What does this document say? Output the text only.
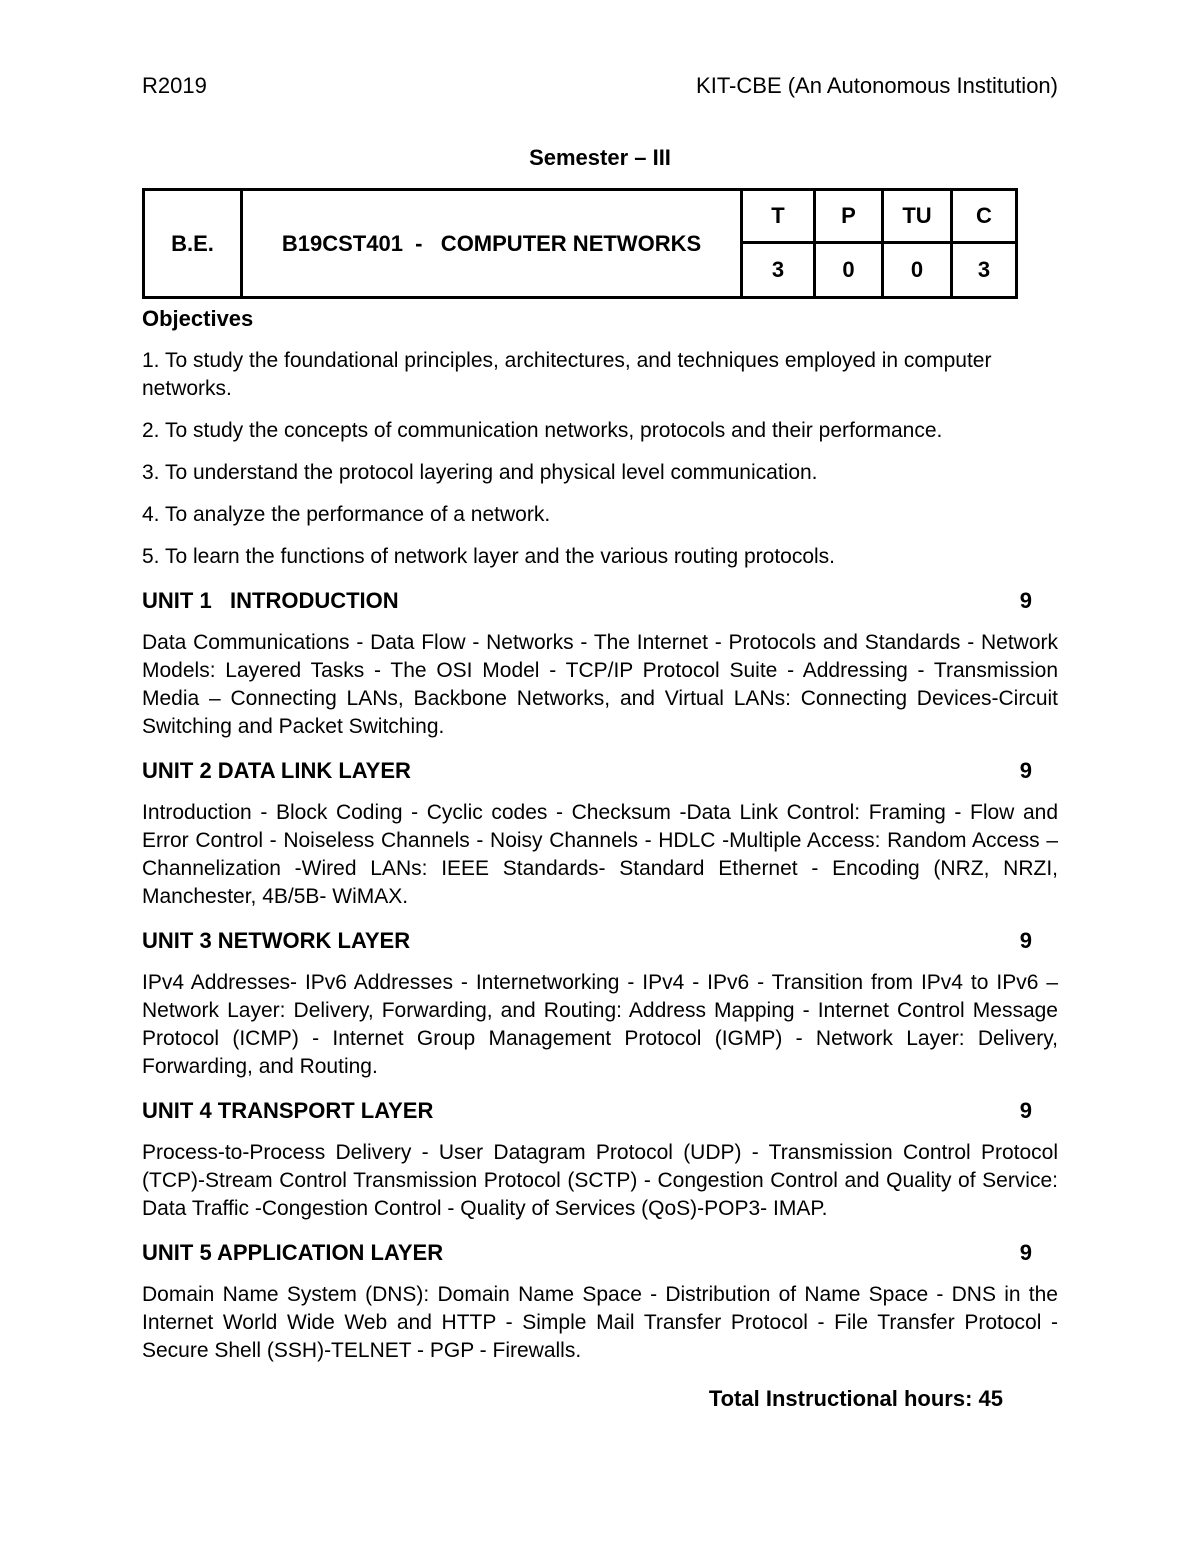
R2019	KIT-CBE (An Autonomous Institution)
Semester – III
B.E.	B19CST401  -   COMPUTER NETWORKS
T	P	TU	C
3	0	0	3
Objectives

1. To study the foundational principles, architectures, and techniques employed in computer networks.

2. To study the concepts of communication networks, protocols and their performance.

3. To understand the protocol layering and physical level communication.

4. To analyze the performance of a network.

5. To learn the functions of network layer and the various routing protocols.

UNIT 1   INTRODUCTION	9

Data Communications - Data Flow - Networks - The Internet - Protocols and Standards - Network Models: Layered Tasks - The OSI Model - TCP/IP Protocol Suite - Addressing - Transmission Media – Connecting LANs, Backbone Networks, and Virtual LANs: Connecting Devices-Circuit Switching and Packet Switching.

UNIT 2 DATA LINK LAYER	9

Introduction - Block Coding - Cyclic codes - Checksum -Data Link Control: Framing - Flow and Error Control - Noiseless Channels - Noisy Channels - HDLC -Multiple Access: Random Access – Channelization -Wired LANs: IEEE Standards- Standard Ethernet - Encoding (NRZ, NRZI, Manchester, 4B/5B- WiMAX.

UNIT 3 NETWORK LAYER	9

IPv4 Addresses- IPv6 Addresses - Internetworking - IPv4 - IPv6 - Transition from IPv4 to IPv6 – Network Layer: Delivery, Forwarding, and Routing: Address Mapping - Internet Control Message Protocol (ICMP) - Internet Group Management Protocol (IGMP) - Network Layer: Delivery, Forwarding, and Routing.

UNIT 4 TRANSPORT LAYER	9

Process-to-Process Delivery - User Datagram Protocol (UDP) - Transmission Control Protocol (TCP)-Stream Control Transmission Protocol (SCTP) - Congestion Control and Quality of Service: Data Traffic -Congestion Control - Quality of Services (QoS)-POP3- IMAP.

UNIT 5 APPLICATION LAYER	9

Domain Name System (DNS): Domain Name Space - Distribution of Name Space - DNS in the Internet World Wide Web and HTTP - Simple Mail Transfer Protocol - File Transfer Protocol - Secure Shell (SSH)-TELNET - PGP - Firewalls.

Total Instructional hours: 45
